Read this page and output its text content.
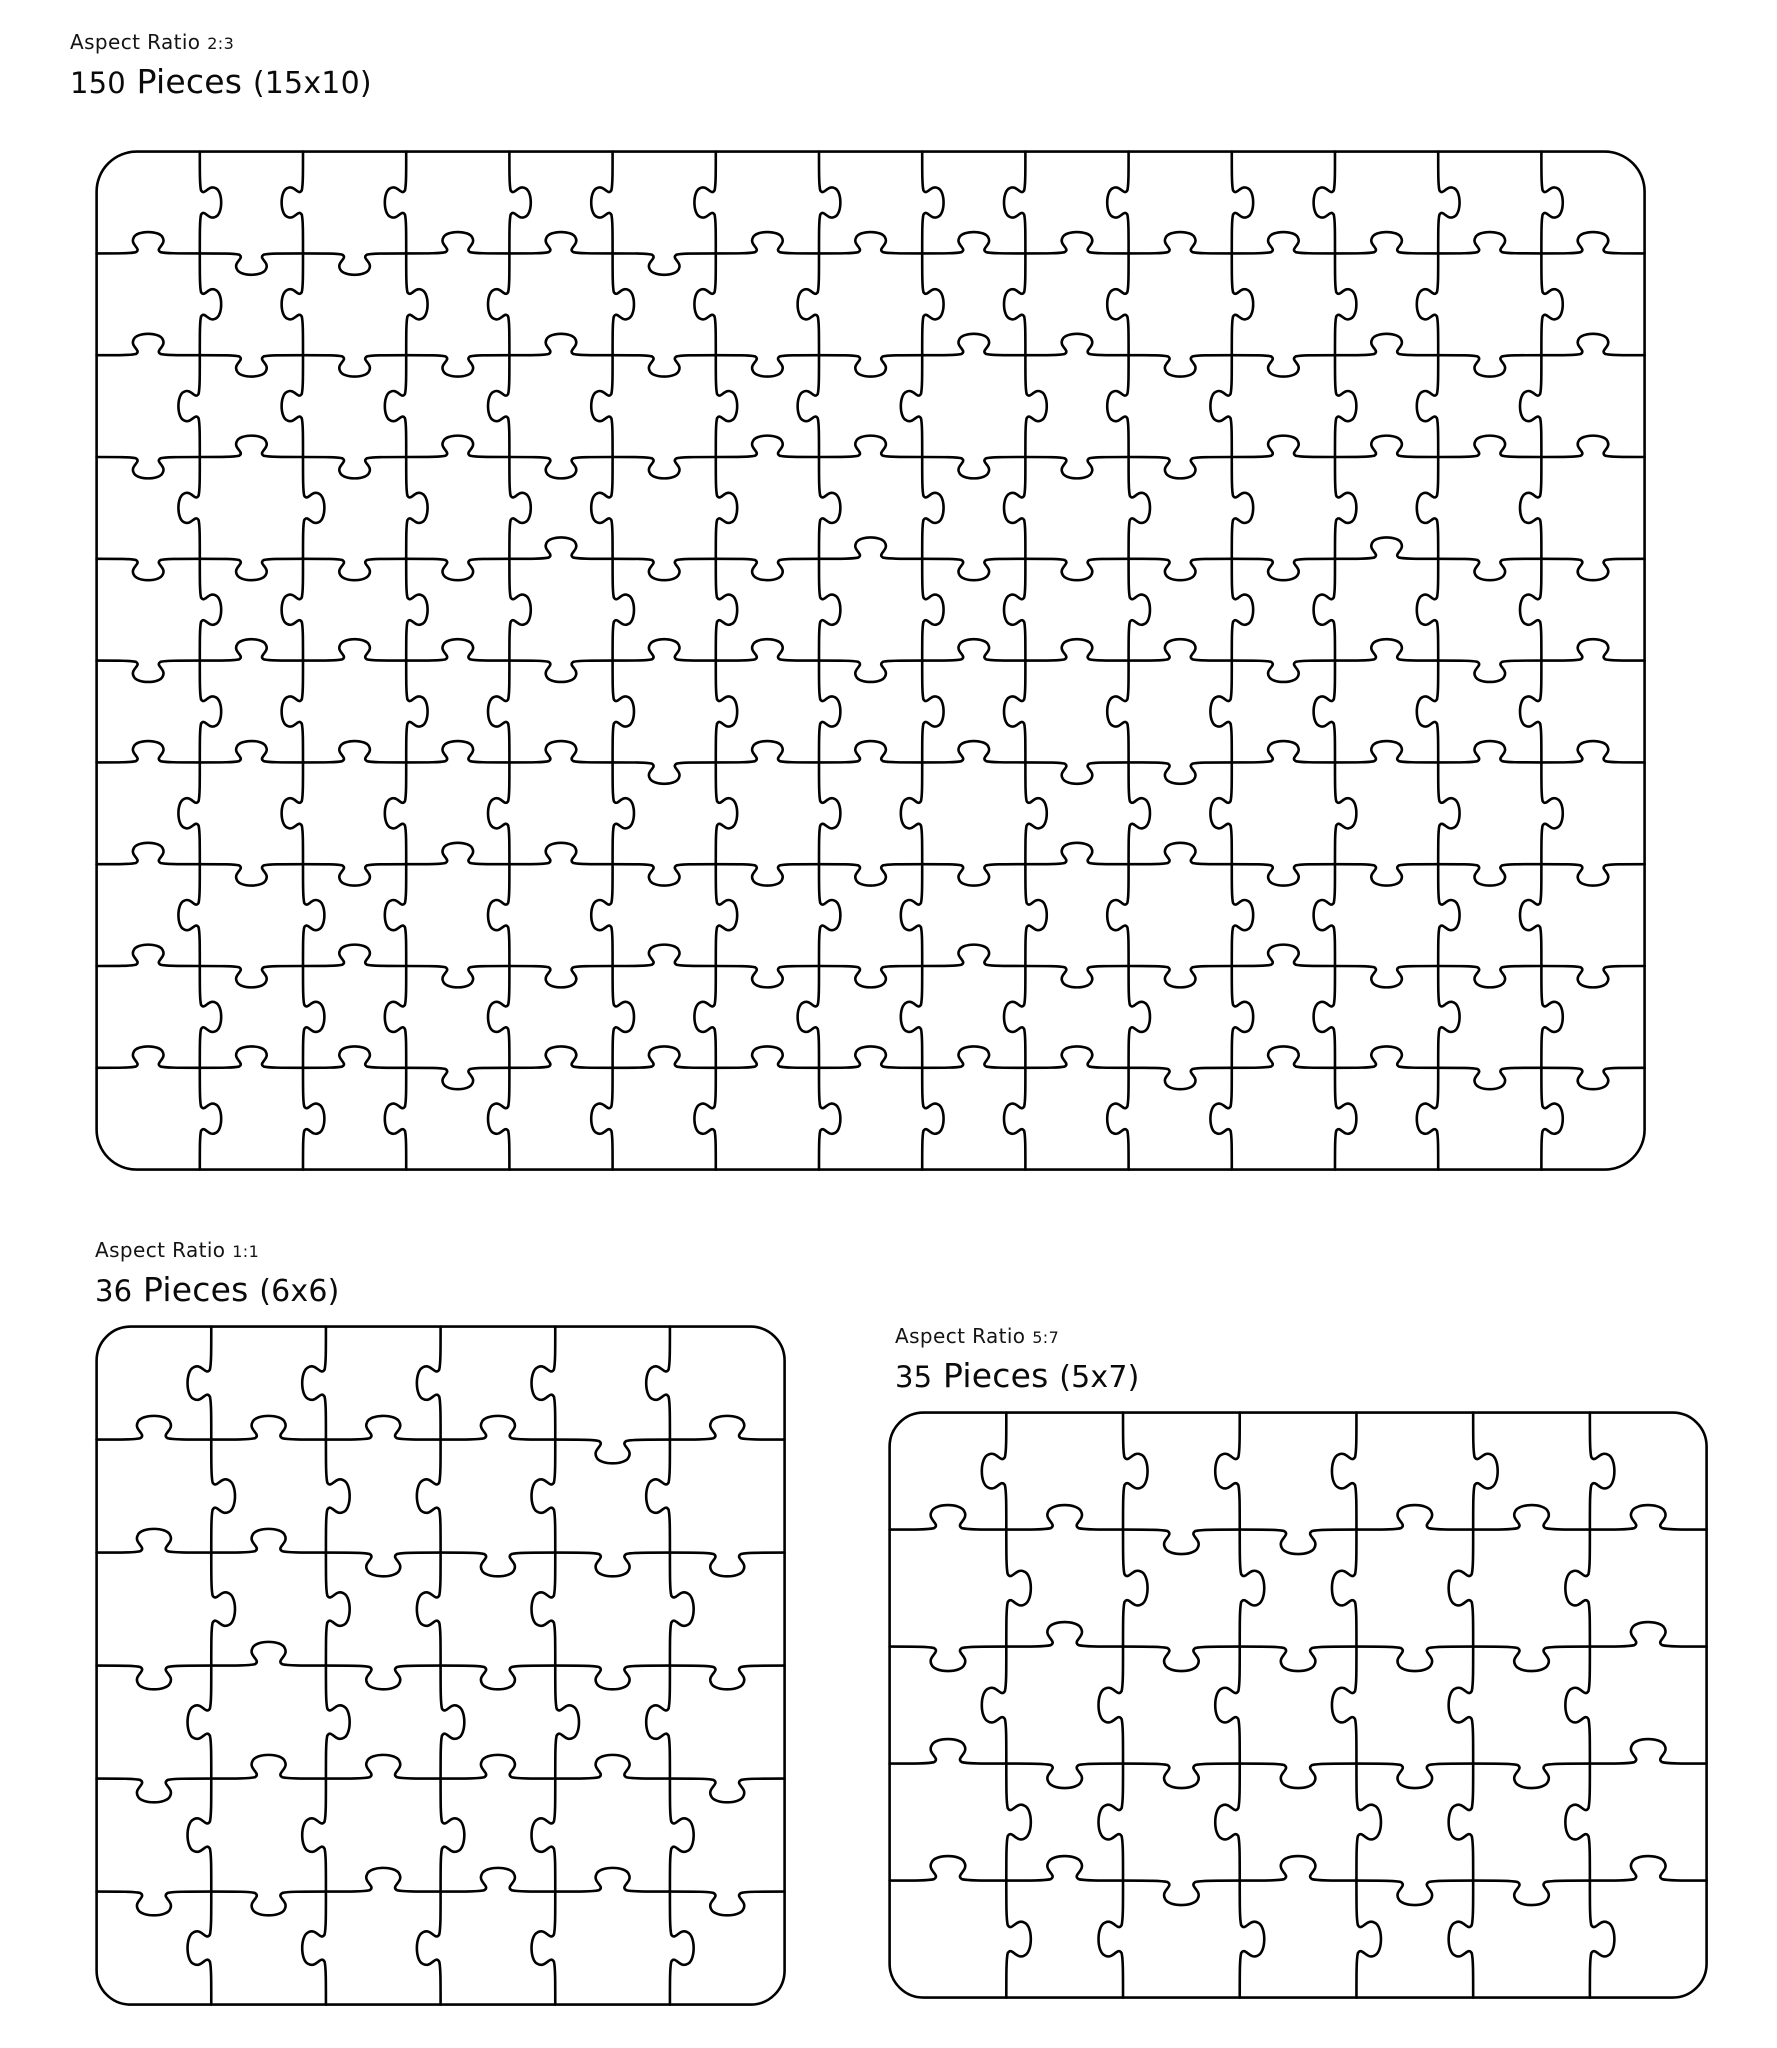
Aspect Ratio 2:3
150 Pieces (15x10)
Aspect Ratio 1:1
36 Pieces (6x6)
Aspect Ratio 5:7
35 Pieces (5x7)
